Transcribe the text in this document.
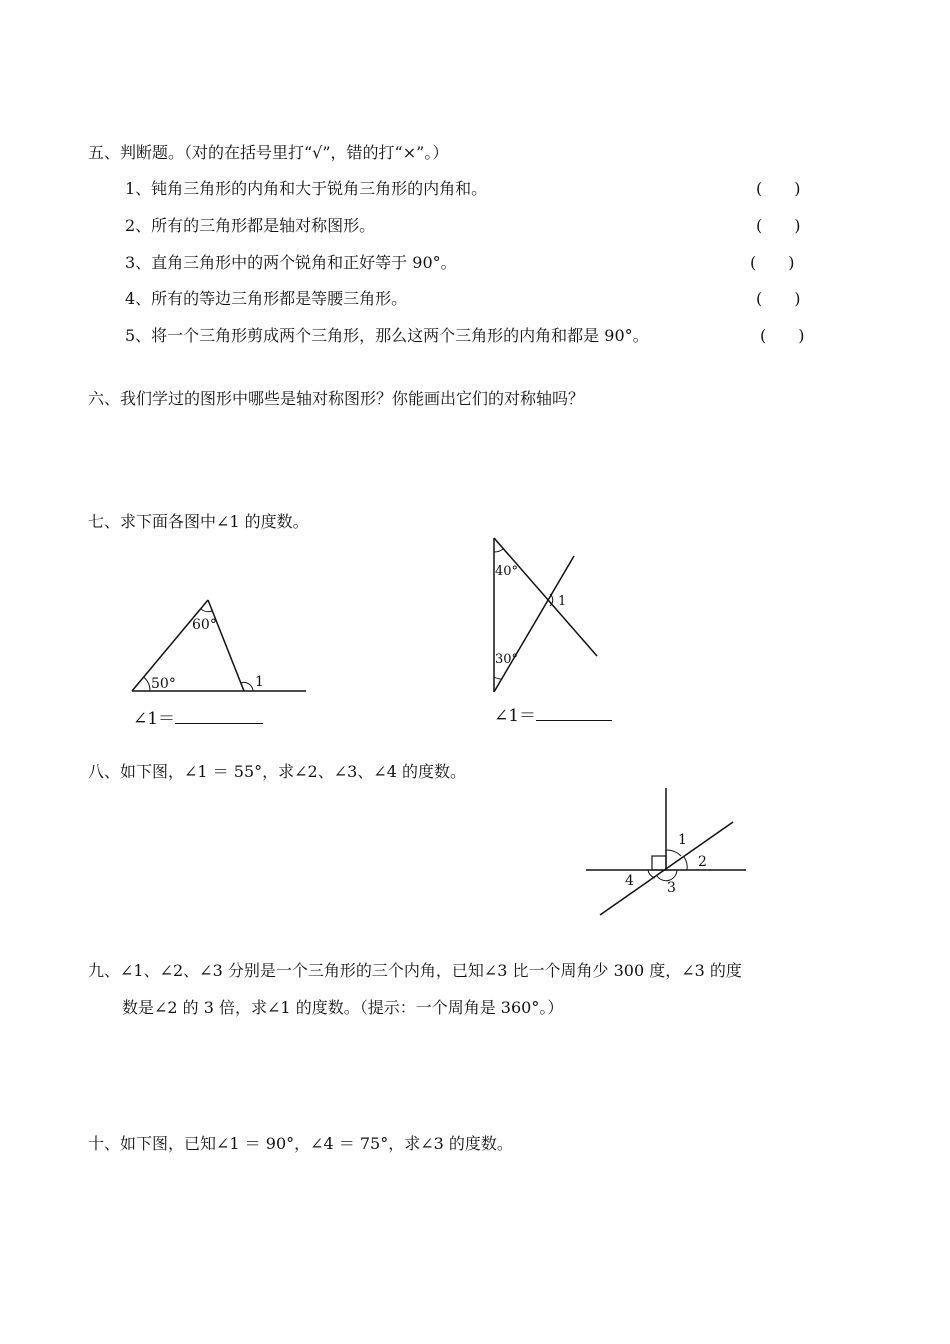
五、判断题。（对的在括号里打“√”，错的打“×”。）
1、钝角三角形的内角和大于锐角三角形的内角和。	(　　)
2、所有的三角形都是轴对称图形。	(　　)
3、直角三角形中的两个锐角和正好等于 90°。	(　　)
4、所有的等边三角形都是等腰三角形。	(　　)
5、将一个三角形剪成两个三角形，那么这两个三角形的内角和都是 90°。	(　　)
六、我们学过的图形中哪些是轴对称图形？你能画出它们的对称轴吗？
七、求下面各图中∠1 的度数。
60°
50°	1
∠1＝
40°
30°
1
∠1＝
八、如下图，∠1 ＝ 55°，求∠2、∠3、∠4 的度数。
1
2
3
4
九、∠1、∠2、∠3 分别是一个三角形的三个内角，已知∠3 比一个周角少 300 度，∠3 的度
数是∠2 的 3 倍，求∠1 的度数。（提示：一个周角是 360°。）
十、如下图，已知∠1 ＝ 90°，∠4 ＝ 75°，求∠3 的度数。
